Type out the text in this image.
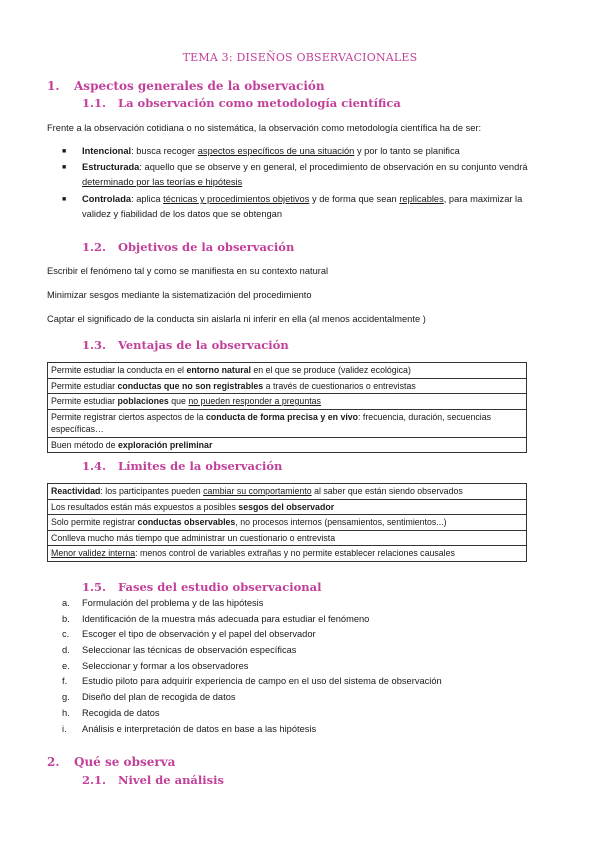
TEMA 3: DISEÑOS OBSERVACIONALES
1. Aspectos generales de la observación
1.1. La observación como metodología científica
Frente a la observación cotidiana o no sistemática, la observación como metodología científica ha de ser:
■ Intencional: busca recoger aspectos específicos de una situación y por lo tanto se planifica
■ Estructurada: aquello que se observe y en general, el procedimiento de observación en su conjunto vendrá determinado por las teorías e hipótesis
■ Controlada: aplica técnicas y procedimientos objetivos y de forma que sean replicables, para maximizar la validez y fiabilidad de los datos que se obtengan
1.2. Objetivos de la observación
Escribir el fenómeno tal y como se manifiesta en su contexto natural
Minimizar sesgos mediante la sistematización del procedimiento
Captar el significado de la conducta sin aislarla ni inferir en ella (al menos accidentalmente )
1.3. Ventajas de la observación
Permite estudiar la conducta en el entorno natural en el que se produce (validez ecológica)
Permite estudiar conductas que no son registrables a través de cuestionarios o entrevistas
Permite estudiar poblaciones que no pueden responder a preguntas
Permite registrar ciertos aspectos de la conducta de forma precisa y en vivo: frecuencia, duración, secuencias específicas…
Buen método de exploración preliminar
1.4. Límites de la observación
Reactividad: los participantes pueden cambiar su comportamiento al saber que están siendo observados
Los resultados están más expuestos a posibles sesgos del observador
Solo permite registrar conductas observables, no procesos internos (pensamientos, sentimientos...)
Conlleva mucho más tiempo que administrar un cuestionario o entrevista
Menor validez interna: menos control de variables extrañas y no permite establecer relaciones causales
1.5. Fases del estudio observacional
a.	Formulación del problema y de las hipótesis
b.	Identificación de la muestra más adecuada para estudiar el fenómeno
c.	Escoger el tipo de observación y el papel del observador
d.	Seleccionar las técnicas de observación específicas
e.	Seleccionar y formar a los observadores
f.	Estudio piloto para adquirir experiencia de campo en el uso del sistema de observación
g.	Diseño del plan de recogida de datos
h.	Recogida de datos
i.	Análisis e interpretación de datos en base a las hipótesis
2. Qué se observa
2.1. Nivel de análisis
